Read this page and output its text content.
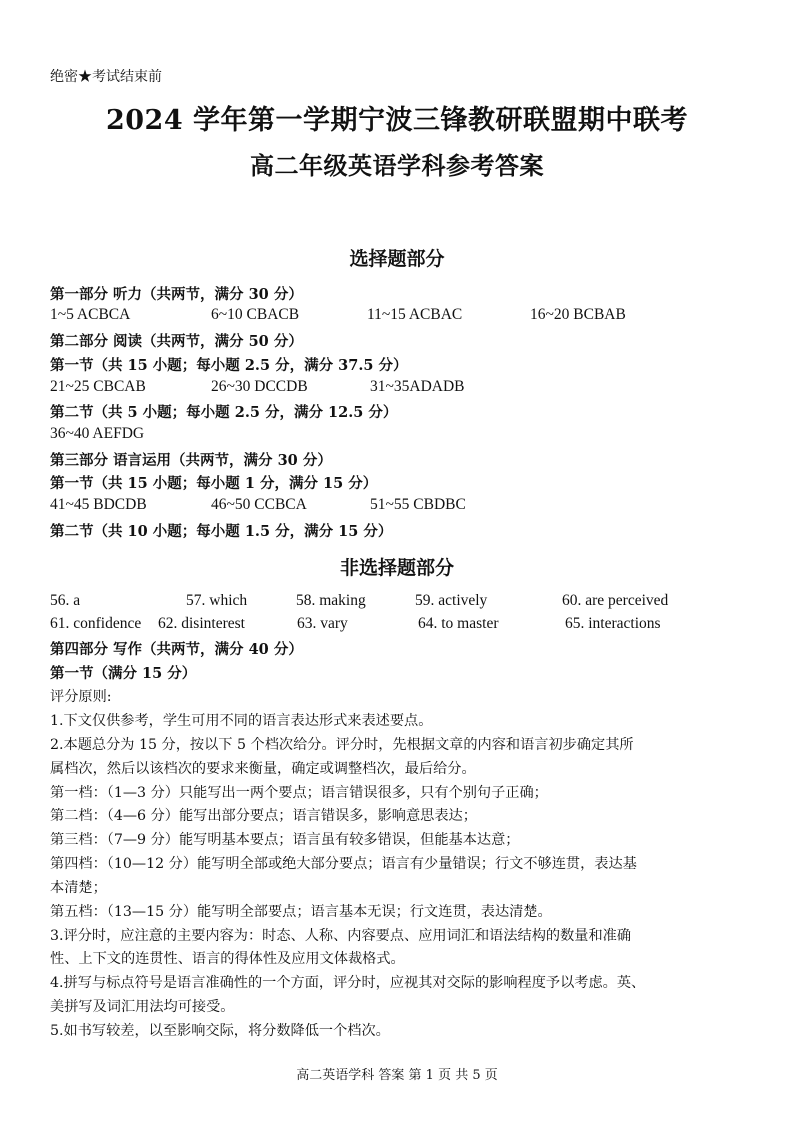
绝密★考试结束前
2024 学年第一学期宁波三锋教研联盟期中联考
高二年级英语学科参考答案
选择题部分
第一部分 听力（共两节，满分 30 分）
1~5 ACBCA	6~10 CBACB	11~15 ACBAC	16~20 BCBAB
第二部分 阅读（共两节，满分 50 分）
第一节（共 15 小题；每小题 2.5 分，满分 37.5 分）
21~25 CBCAB	26~30 DCCDB	31~35ADADB
第二节（共 5 小题；每小题 2.5 分，满分 12.5 分）
36~40 AEFDG
第三部分 语言运用（共两节，满分 30 分）
第一节（共 15 小题；每小题 1 分，满分 15 分）
41~45 BDCDB	46~50 CCBCA	51~55 CBDBC
第二节（共 10 小题；每小题 1.5 分，满分 15 分）
非选择题部分
56. a	57. which	58. making	59. actively	60. are perceived
61. confidence 62. disinterest	63. vary	64. to master	65. interactions
第四部分 写作（共两节，满分 40 分）
第一节（满分 15 分）
评分原则:
1.下文仅供参考，学生可用不同的语言表达形式来表述要点。
2.本题总分为 15 分，按以下 5 个档次给分。评分时，先根据文章的内容和语言初步确定其所
属档次，然后以该档次的要求来衡量，确定或调整档次，最后给分。
第一档：（1—3 分）只能写出一两个要点；语言错误很多，只有个别句子正确；
第二档：（4—6 分）能写出部分要点；语言错误多，影响意思表达；
第三档：（7—9 分）能写明基本要点；语言虽有较多错误，但能基本达意；
第四档：（10—12 分）能写明全部或绝大部分要点；语言有少量错误；行文不够连贯，表达基
本清楚；
第五档：（13—15 分）能写明全部要点；语言基本无误；行文连贯，表达清楚。
3.评分时，应注意的主要内容为：时态、人称、内容要点、应用词汇和语法结构的数量和准确
性、上下文的连贯性、语言的得体性及应用文体裁格式。
4.拼写与标点符号是语言准确性的一个方面，评分时，应视其对交际的影响程度予以考虑。英、
美拼写及词汇用法均可接受。
5.如书写较差，以至影响交际，将分数降低一个档次。
高二英语学科 答案 第 1 页 共 5 页
